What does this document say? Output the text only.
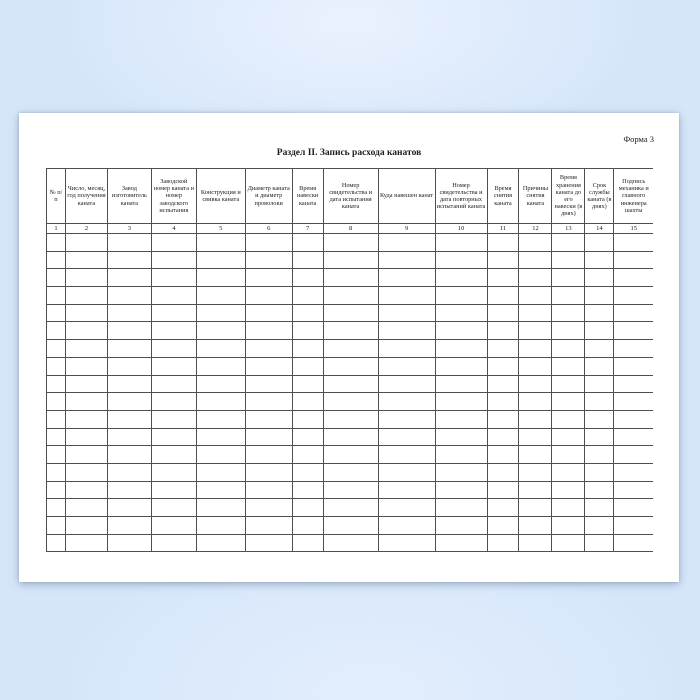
Форма 3
Раздел II. Запись расхода канатов
№ п/п	Число, месяц, год получения каната	Завод изготовитель каната	Заводской номер каната и номер заводского испытания	Конструкция и свивка каната	Диаметр каната и диаметр проволоки	Время навески каната	Номер свидетельства и дата испытания каната	Куда навешен канат	Номер свидетельства и дата повторных испытаний каната	Время снятия каната	Причины снятия каната	Время хранения каната до его навески (в днях)	Срок службы каната (в днях)	Подпись механика и главного инженера шахты
1	2	3	4	5	6	7	8	9	10	11	12	13	14	15
